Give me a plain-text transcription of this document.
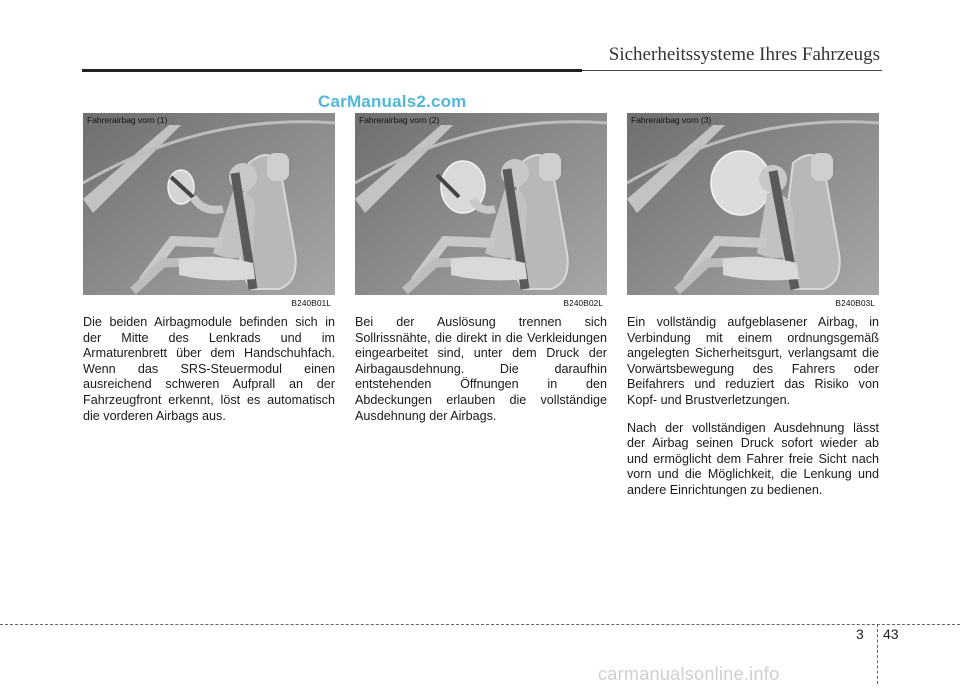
Sicherheitssysteme Ihres Fahrzeugs
CarManuals2.com
Fahrerairbag vorn (1)
B240B01L
Fahrerairbag vorn (2)
B240B02L
Fahrerairbag vorn (3)
B240B03L

Die beiden Airbagmodule befinden sich in der Mitte des Lenkrads und im Armaturenbrett über dem Handschuhfach. Wenn das SRS-Steuermodul einen ausreichend schweren Aufprall an der Fahrzeugfront erkennt, löst es automatisch die vorderen Airbags aus.

Bei der Auslösung trennen sich Sollrissnähte, die direkt in die Verkleidungen eingearbeitet sind, unter dem Druck der Airbagausdehnung. Die daraufhin entstehenden Öffnungen in den Abdeckungen erlauben die vollständige Ausdehnung der Airbags.

Ein vollständig aufgeblasener Airbag, in Verbindung mit einem ordnungsgemäß angelegten Sicherheitsgurt, verlangsamt die Vorwärtsbewegung des Fahrers oder Beifahrers und reduziert das Risiko von Kopf- und Brustverletzungen.

Nach der vollständigen Ausdehnung lässt der Airbag seinen Druck sofort wieder ab und ermöglicht dem Fahrer freie Sicht nach vorn und die Möglichkeit, die Lenkung und andere Einrichtungen zu bedienen.

3 43
carmanualsonline.info
